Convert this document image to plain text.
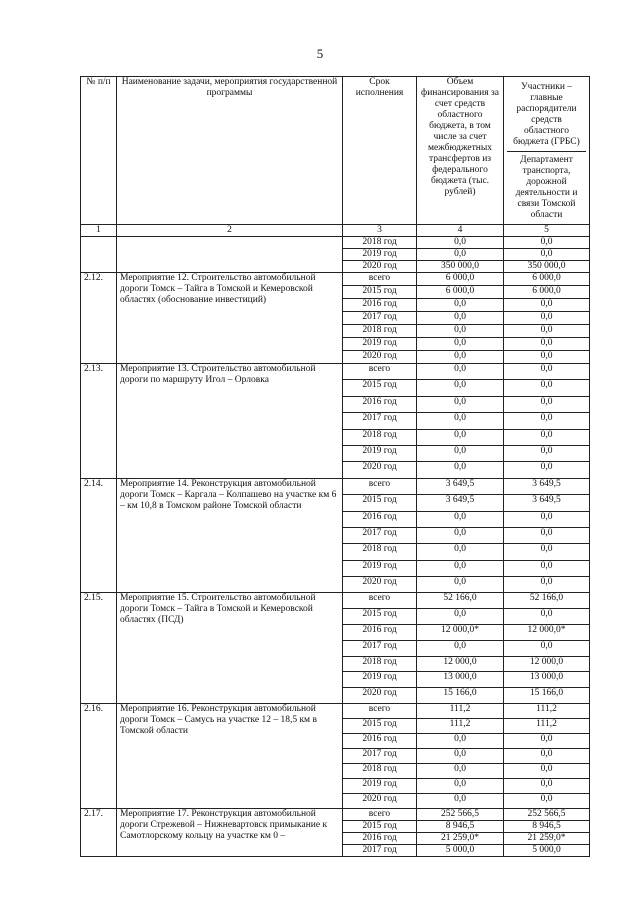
5
№ п/п	Наименование задачи, мероприятия государственной программы	Срок исполнения	Объем финансирования за счет средств областного бюджета, в том числе за счет межбюджетных трансфертов из федерального бюджета (тыс. рублей)	Участники – главные распорядители средств областного бюджета (ГРБС)
Департамент транспорта, дорожной деятельности и связи Томской области

1	2	3	4	5
		2018 год	0,0	0,0
		2019 год	0,0	0,0
		2020 год	350 000,0	350 000,0
2.12.	Мероприятие 12. Строительство автомобильной дороги Томск – Тайга в Томской и Кемеровской областях (обоснование инвестиций)	всего	6 000,0	6 000,0
		2015 год	6 000,0	6 000,0
		2016 год	0,0	0,0
		2017 год	0,0	0,0
		2018 год	0,0	0,0
		2019 год	0,0	0,0
		2020 год	0,0	0,0
2.13.	Мероприятие 13. Строительство автомобильной дороги по маршруту Игол – Орловка	всего	0,0	0,0
		2015 год	0,0	0,0
		2016 год	0,0	0,0
		2017 год	0,0	0,0
		2018 год	0,0	0,0
		2019 год	0,0	0,0
		2020 год	0,0	0,0
2.14.	Мероприятие 14. Реконструкция автомобильной дороги Томск – Каргала – Колпашево на участке км 6 – км 10,8 в Томском районе Томской области	всего	3 649,5	3 649,5
		2015 год	3 649,5	3 649,5
		2016 год	0,0	0,0
		2017 год	0,0	0,0
		2018 год	0,0	0,0
		2019 год	0,0	0,0
		2020 год	0,0	0,0
2.15.	Мероприятие 15. Строительство автомобильной дороги Томск – Тайга в Томской и Кемеровской областях (ПСД)	всего	52 166,0	52 166,0
		2015 год	0,0	0,0
		2016 год	12 000,0*	12 000,0*
		2017 год	0,0	0,0
		2018 год	12 000,0	12 000,0
		2019 год	13 000,0	13 000,0
		2020 год	15 166,0	15 166,0
2.16.	Мероприятие 16. Реконструкция автомобильной дороги Томск – Самусь на участке 12 – 18,5 км в Томской области	всего	111,2	111,2
		2015 год	111,2	111,2
		2016 год	0,0	0,0
		2017 год	0,0	0,0
		2018 год	0,0	0,0
		2019 год	0,0	0,0
		2020 год	0,0	0,0
2.17.	Мероприятие 17. Реконструкция автомобильной дороги Стрежевой – Нижневартовск примыкание к Самотлорскому кольцу на участке км 0 –	всего	252 566,5	252 566,5
		2015 год	8 946,5	8 946,5
		2016 год	21 259,0*	21 259,0*
		2017 год	5 000,0	5 000,0
